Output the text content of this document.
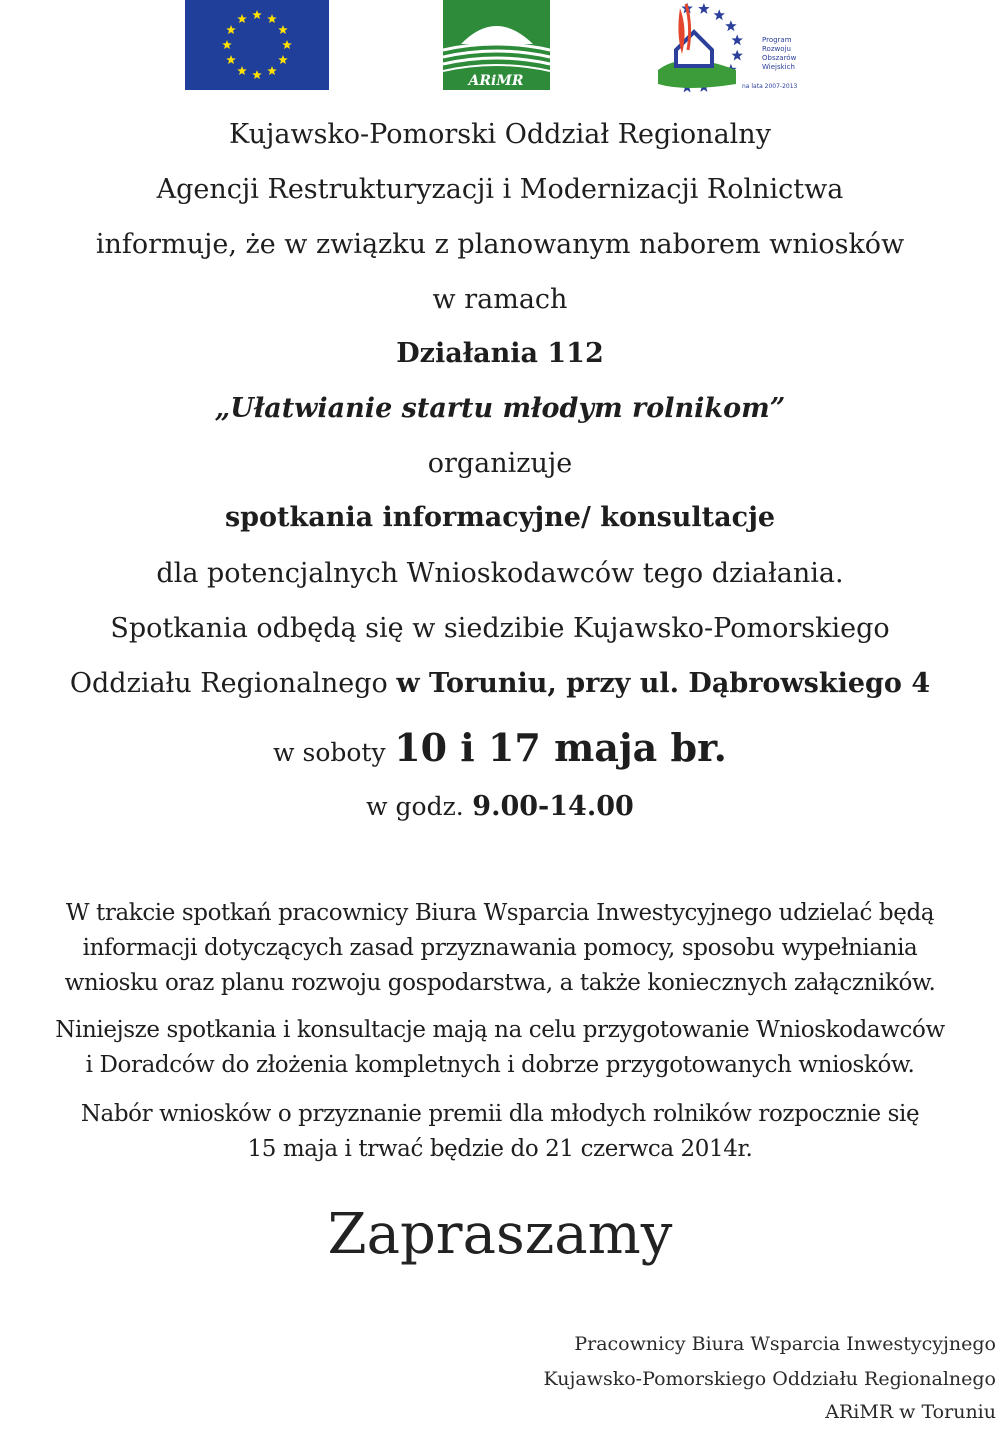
ARiMR
Program
Rozwoju
Obszarów
Wiejskich
na lata 2007-2013
Kujawsko-Pomorski Oddział Regionalny
Agencji Restrukturyzacji i Modernizacji Rolnictwa
informuje, że w związku z planowanym naborem wniosków
w ramach
Działania 112
„Ułatwianie startu młodym rolnikom”
organizuje
spotkania informacyjne/ konsultacje
dla potencjalnych Wnioskodawców tego działania.
Spotkania odbędą się w siedzibie Kujawsko-Pomorskiego
Oddziału Regionalnego w Toruniu, przy ul. Dąbrowskiego 4
w soboty 10 i 17 maja br.
w godz. 9.00-14.00
W trakcie spotkań pracownicy Biura Wsparcia Inwestycyjnego udzielać będą
informacji dotyczących zasad przyznawania pomocy, sposobu wypełniania
wniosku oraz planu rozwoju gospodarstwa, a także koniecznych załączników.
Niniejsze spotkania i konsultacje mają na celu przygotowanie Wnioskodawców
i Doradców do złożenia kompletnych i dobrze przygotowanych wniosków.
Nabór wniosków o przyznanie premii dla młodych rolników rozpocznie się
15 maja i trwać będzie do 21 czerwca 2014r.
Zapraszamy
Pracownicy Biura Wsparcia Inwestycyjnego
Kujawsko-Pomorskiego Oddziału Regionalnego
ARiMR w Toruniu
